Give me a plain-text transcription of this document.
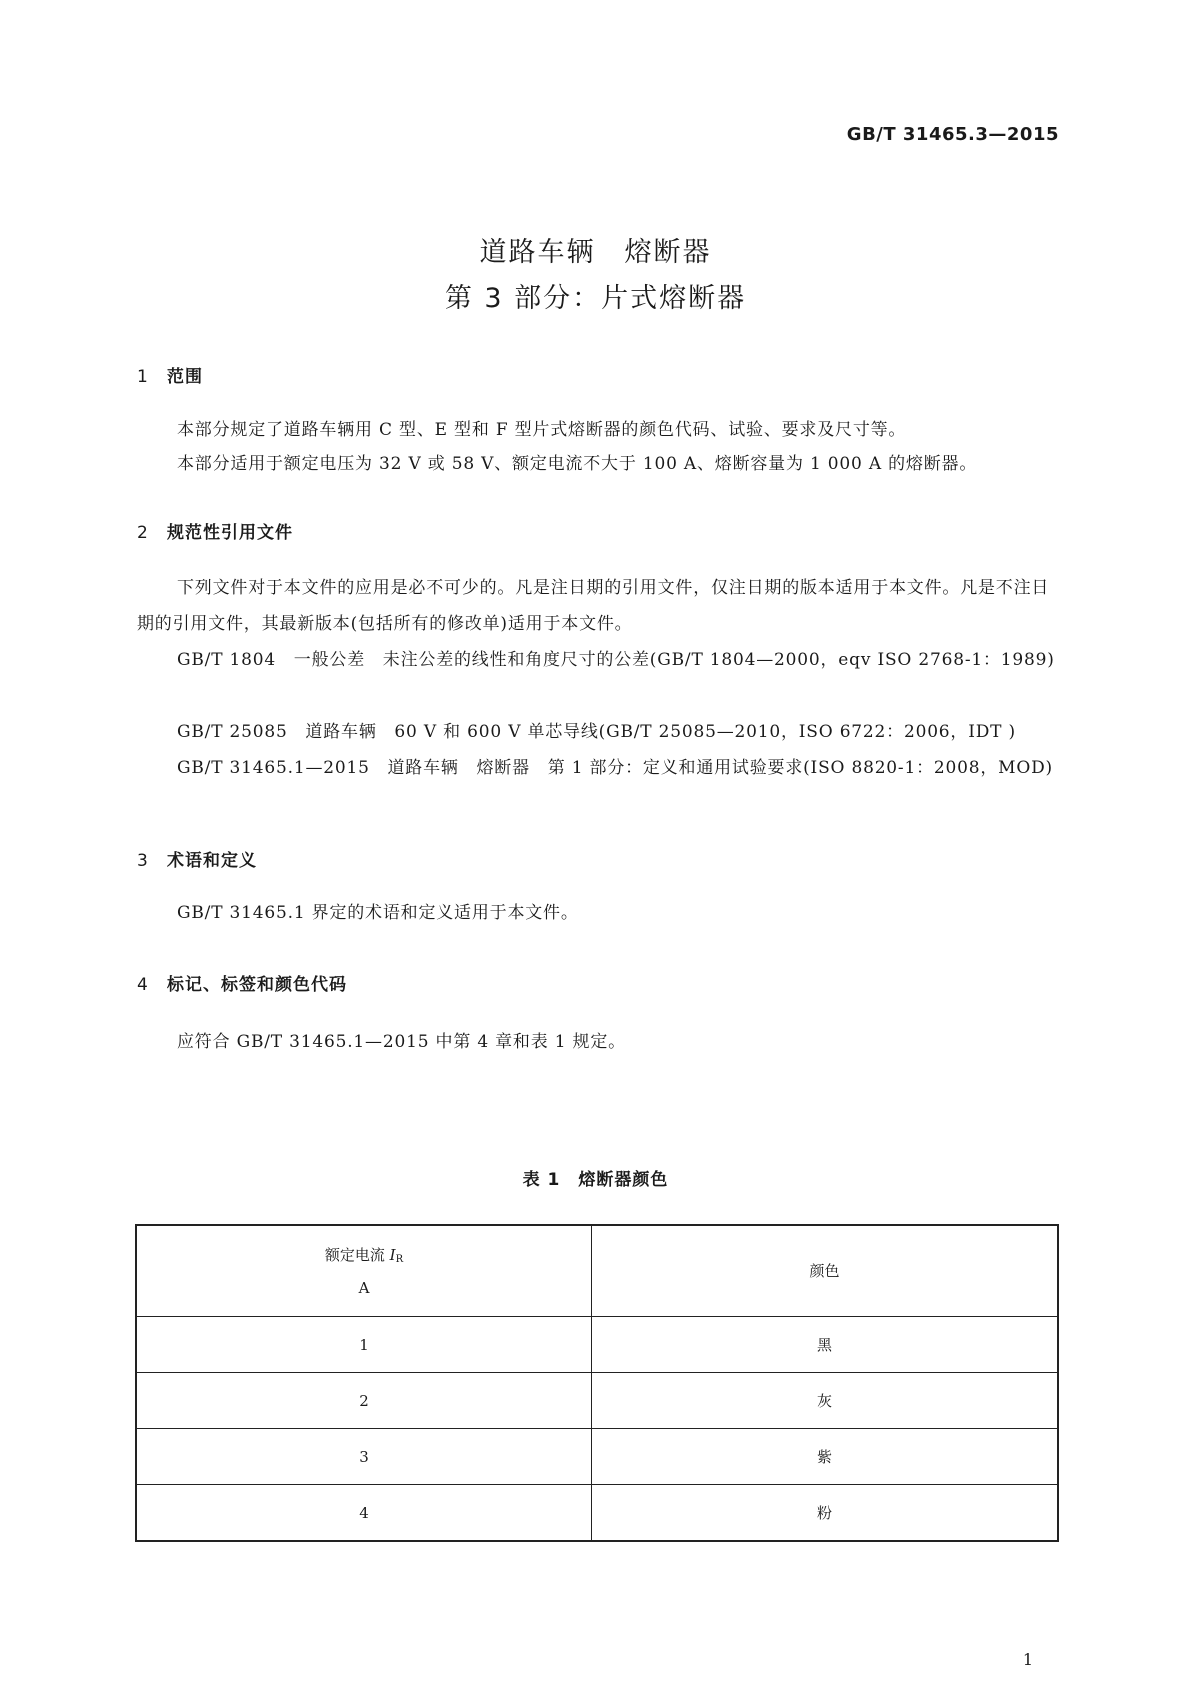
GB/T 31465.3—2015
道路车辆　熔断器
第 3 部分：片式熔断器
1 范围
本部分规定了道路车辆用 C 型、E 型和 F 型片式熔断器的颜色代码、试验、要求及尺寸等。
本部分适用于额定电压为 32 V 或 58 V、额定电流不大于 100 A、熔断容量为 1 000 A 的熔断器。
2 规范性引用文件
下列文件对于本文件的应用是必不可少的。凡是注日期的引用文件，仅注日期的版本适用于本文件。凡是不注日期的引用文件，其最新版本(包括所有的修改单)适用于本文件。
GB/T 1804　一般公差　未注公差的线性和角度尺寸的公差(GB/T 1804—2000，eqv ISO 2768-1：1989)
GB/T 25085　道路车辆　60 V 和 600 V 单芯导线(GB/T 25085—2010，ISO 6722：2006，IDT )
GB/T 31465.1—2015　道路车辆　熔断器　第 1 部分：定义和通用试验要求(ISO 8820-1：2008，MOD)
3 术语和定义
GB/T 31465.1 界定的术语和定义适用于本文件。
4 标记、标签和颜色代码
应符合 GB/T 31465.1—2015 中第 4 章和表 1 规定。
表 1　熔断器颜色
额定电流 $I_R$
A	颜色
1	黑
2	灰
3	紫
4	粉
1
